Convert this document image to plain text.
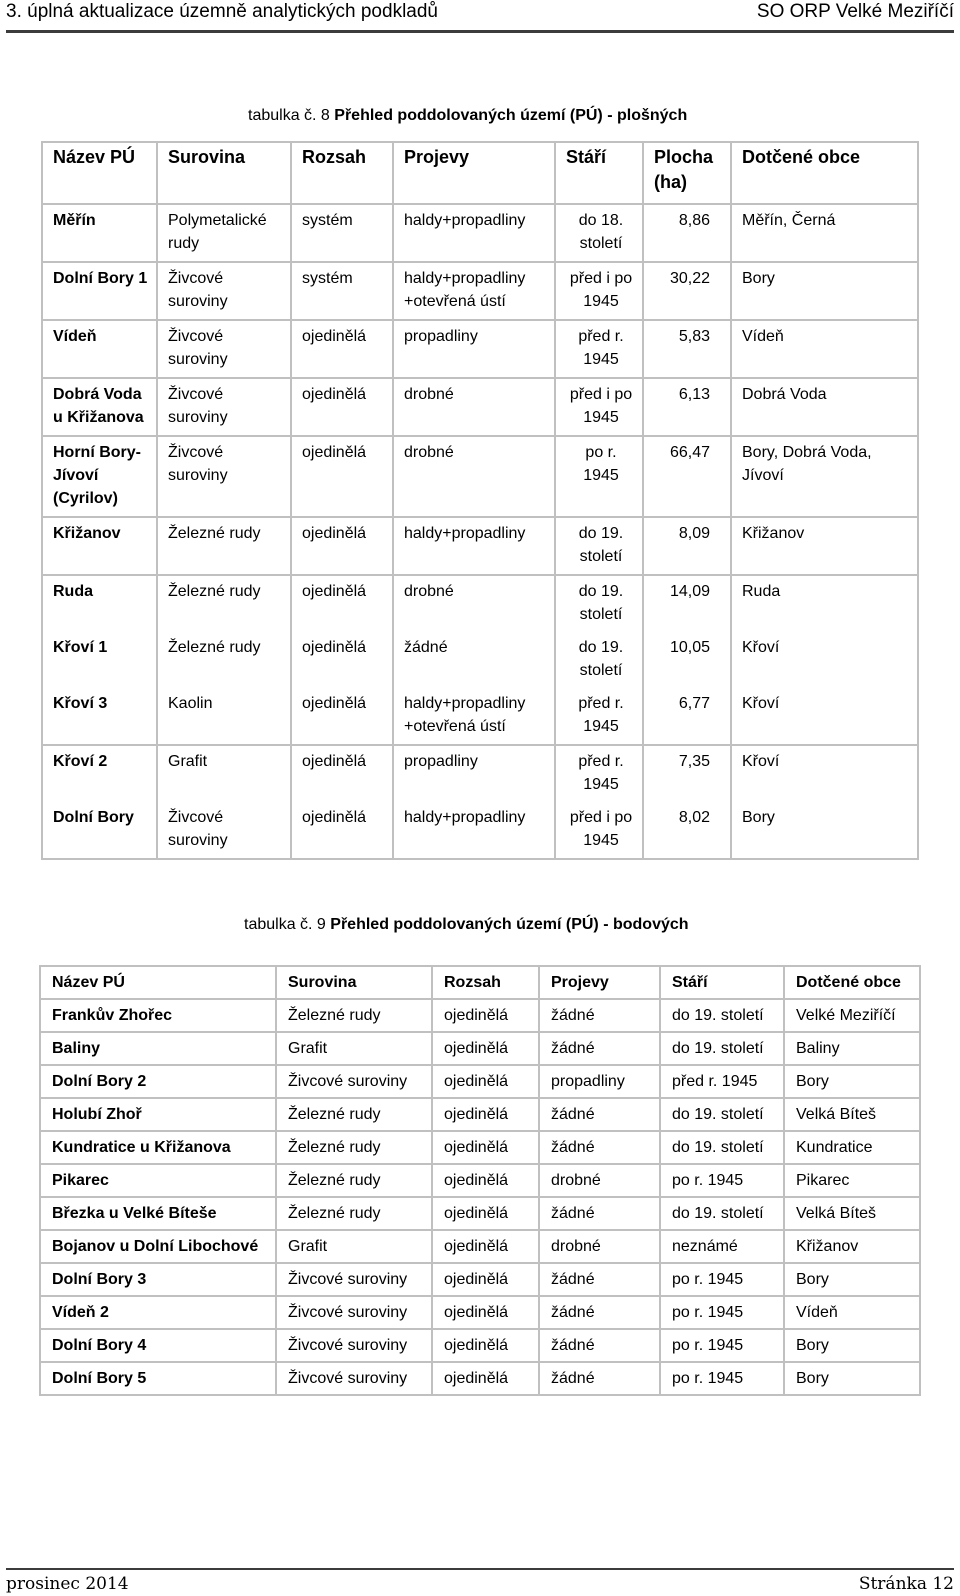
3. úplná aktualizace územně analytických podkladů	SO ORP Velké Meziříčí
tabulka č. 8 Přehled poddolovaných území (PÚ) - plošných
Název PÚ	Surovina	Rozsah	Projevy	Stáří	Plocha (ha)	Dotčené obce
Měřín	Polymetalické rudy	systém	haldy+propadliny	do 18. století	8,86	Měřín, Černá
Dolní Bory 1	Živcové suroviny	systém	haldy+propadliny +otevřená ústí	před i po 1945	30,22	Bory
Vídeň	Živcové suroviny	ojedinělá	propadliny	před r. 1945	5,83	Vídeň
Dobrá Voda u Křižanova	Živcové suroviny	ojedinělá	drobné	před i po 1945	6,13	Dobrá Voda
Horní Bory-Jívoví (Cyrilov)	Živcové suroviny	ojedinělá	drobné	po r. 1945	66,47	Bory, Dobrá Voda, Jívoví
Křižanov	Železné rudy	ojedinělá	haldy+propadliny	do 19. století	8,09	Křižanov
Ruda	Železné rudy	ojedinělá	drobné	do 19. století	14,09	Ruda
Křoví 1	Železné rudy	ojedinělá	žádné	do 19. století	10,05	Křoví
Křoví 3	Kaolin	ojedinělá	haldy+propadliny +otevřená ústí	před r. 1945	6,77	Křoví
Křoví 2	Grafit	ojedinělá	propadliny	před r. 1945	7,35	Křoví
Dolní Bory	Živcové suroviny	ojedinělá	haldy+propadliny	před i po 1945	8,02	Bory
tabulka č. 9 Přehled poddolovaných území (PÚ) - bodových
Název PÚ	Surovina	Rozsah	Projevy	Stáří	Dotčené obce
Frankův Zhořec	Železné rudy	ojedinělá	žádné	do 19. století	Velké Meziříčí
Baliny	Grafit	ojedinělá	žádné	do 19. století	Baliny
Dolní Bory 2	Živcové suroviny	ojedinělá	propadliny	před r. 1945	Bory
Holubí Zhoř	Železné rudy	ojedinělá	žádné	do 19. století	Velká Bíteš
Kundratice u Křižanova	Železné rudy	ojedinělá	žádné	do 19. století	Kundratice
Pikarec	Železné rudy	ojedinělá	drobné	po r. 1945	Pikarec
Březka u Velké Bíteše	Železné rudy	ojedinělá	žádné	do 19. století	Velká Bíteš
Bojanov u Dolní Libochové	Grafit	ojedinělá	drobné	neznámé	Křižanov
Dolní Bory 3	Živcové suroviny	ojedinělá	žádné	po r. 1945	Bory
Vídeň 2	Živcové suroviny	ojedinělá	žádné	po r. 1945	Vídeň
Dolní Bory 4	Živcové suroviny	ojedinělá	žádné	po r. 1945	Bory
Dolní Bory 5	Živcové suroviny	ojedinělá	žádné	po r. 1945	Bory
prosinec 2014	Stránka 12
